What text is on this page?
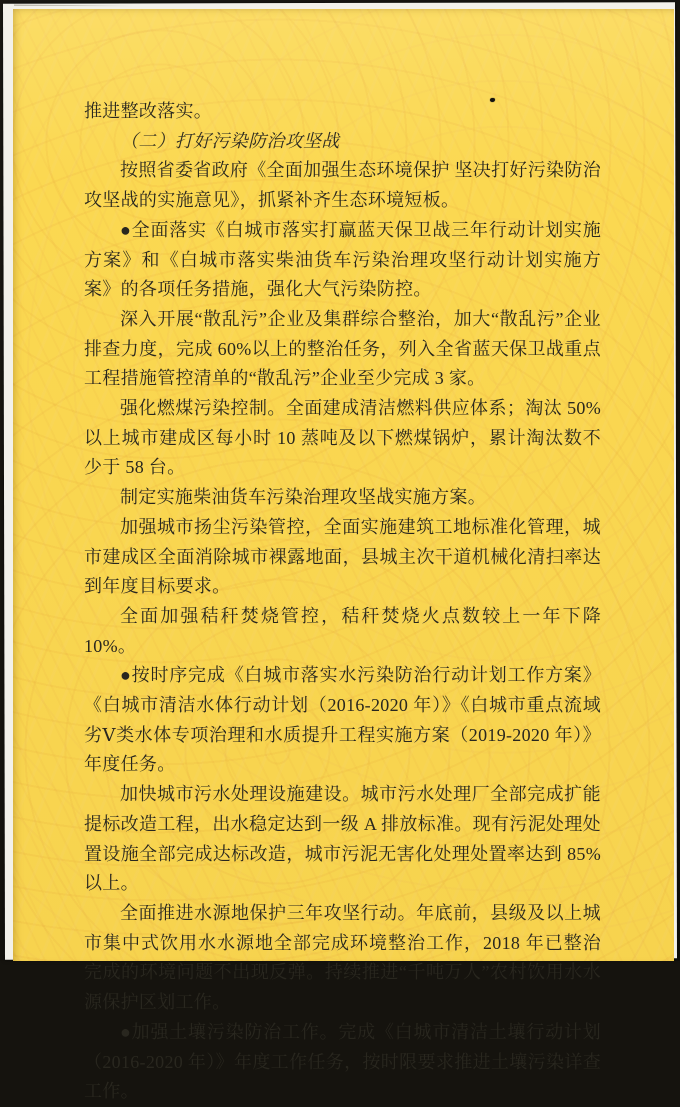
推进整改落实。

（二）打好污染防治攻坚战

按照省委省政府《全面加强生态环境保护 坚决打好污染防治攻坚战的实施意见》，抓紧补齐生态环境短板。

●全面落实《白城市落实打赢蓝天保卫战三年行动计划实施方案》和《白城市落实柴油货车污染治理攻坚行动计划实施方案》的各项任务措施，强化大气污染防控。

深入开展“散乱污”企业及集群综合整治，加大“散乱污”企业排查力度，完成 60%以上的整治任务，列入全省蓝天保卫战重点工程措施管控清单的“散乱污”企业至少完成 3 家。

强化燃煤污染控制。全面建成清洁燃料供应体系；淘汰 50%以上城市建成区每小时 10 蒸吨及以下燃煤锅炉，累计淘汰数不少于 58 台。

制定实施柴油货车污染治理攻坚战实施方案。

加强城市扬尘污染管控，全面实施建筑工地标准化管理，城市建成区全面消除城市裸露地面，县城主次干道机械化清扫率达到年度目标要求。

全面加强秸秆焚烧管控，秸秆焚烧火点数较上一年下降 10%。

●按时序完成《白城市落实水污染防治行动计划工作方案》《白城市清洁水体行动计划（2016-2020 年）》《白城市重点流域劣Ⅴ类水体专项治理和水质提升工程实施方案（2019-2020 年）》年度任务。

加快城市污水处理设施建设。城市污水处理厂全部完成扩能提标改造工程，出水稳定达到一级 A 排放标准。现有污泥处理处置设施全部完成达标改造，城市污泥无害化处理处置率达到 85%以上。

全面推进水源地保护三年攻坚行动。年底前，县级及以上城市集中式饮用水水源地全部完成环境整治工作，2018 年已整治完成的环境问题不出现反弹。持续推进“千吨万人”农村饮用水水源保护区划工作。

●加强土壤污染防治工作。完成《白城市清洁土壤行动计划（2016-2020 年）》年度工作任务，按时限要求推进土壤污染详查工作。
